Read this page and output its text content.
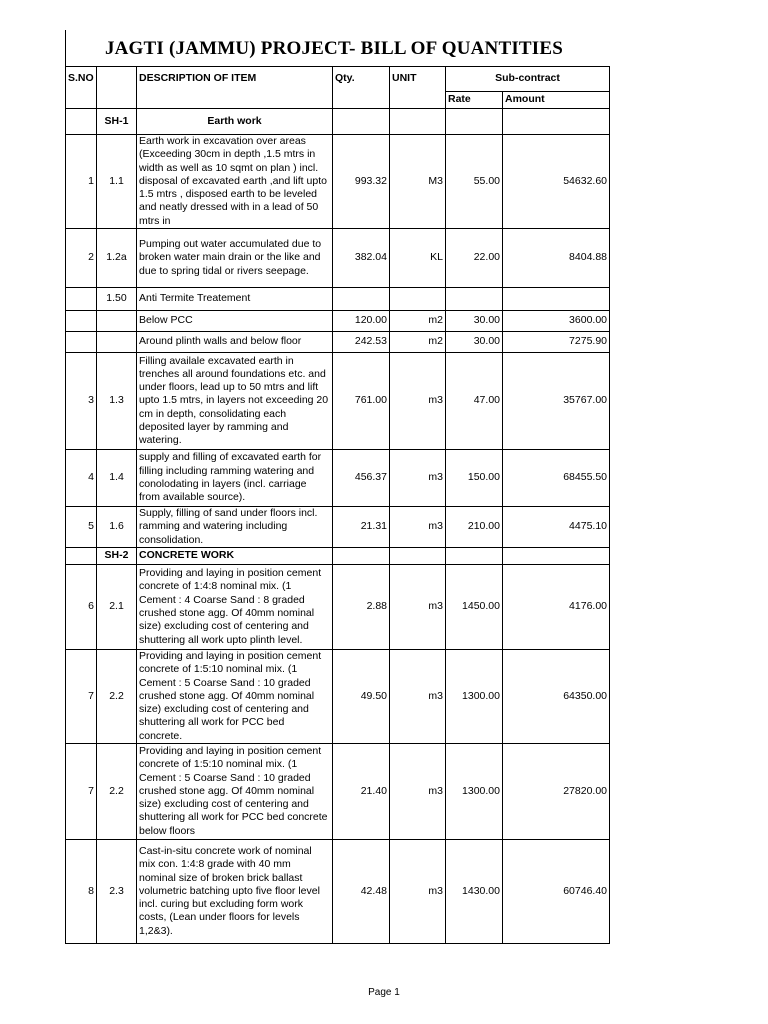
JAGTI (JAMMU) PROJECT- BILL OF QUANTITIES
S.NO		DESCRIPTION OF ITEM	Qty.	UNIT	Sub-contract	
					Rate	Amount
	SH-1	Earth work				
1	1.1	Earth work in excavation over areas (Exceeding 30cm in depth ,1.5 mtrs in width as well as 10 sqmt on plan ) incl. disposal of excavated earth ,and lift upto 1.5 mtrs , disposed earth to be leveled and neatly dressed with in a lead of 50 mtrs in	993.32	M3	55.00	54632.60
2	1.2a	Pumping out water accumulated due to broken water main drain or the like and due to spring tidal or rivers seepage.	382.04	KL	22.00	8404.88
	1.50	Anti Termite Treatement				
		Below PCC	120.00	m2	30.00	3600.00
		Around plinth walls and below floor	242.53	m2	30.00	7275.90
3	1.3	Filling availale excavated earth in trenches all around foundations etc. and under floors, lead up to 50 mtrs and lift upto 1.5 mtrs, in layers not exceeding 20 cm in depth, consolidating each deposited layer by ramming and watering.	761.00	m3	47.00	35767.00
4	1.4	supply and filling of excavated earth for filling including ramming watering and conolodating in layers (incl. carriage from available source).	456.37	m3	150.00	68455.50
5	1.6	Supply, filling of sand under floors incl. ramming and watering including consolidation.	21.31	m3	210.00	4475.10
	SH-2	CONCRETE WORK				
6	2.1	Providing and laying in position cement concrete of 1:4:8 nominal mix. (1 Cement : 4 Coarse Sand : 8 graded crushed stone agg. Of 40mm nominal size) excluding cost of centering and shuttering all work upto plinth level.	2.88	m3	1450.00	4176.00
7	2.2	Providing and laying in position cement concrete of 1:5:10 nominal mix. (1 Cement : 5 Coarse Sand : 10 graded crushed stone agg. Of 40mm nominal size) excluding cost of centering and shuttering all work for PCC bed concrete.	49.50	m3	1300.00	64350.00
7	2.2	Providing and laying in position cement concrete of 1:5:10 nominal mix. (1 Cement : 5 Coarse Sand : 10 graded crushed stone agg. Of 40mm nominal size) excluding cost of centering and shuttering all work for PCC bed concrete below floors	21.40	m3	1300.00	27820.00
8	2.3	Cast-in-situ concrete work of nominal mix con. 1:4:8 grade with 40 mm nominal size of broken brick ballast volumetric batching upto five floor level incl. curing but excluding form work costs, (Lean under floors for levels 1,2&3).	42.48	m3	1430.00	60746.40
Page 1
